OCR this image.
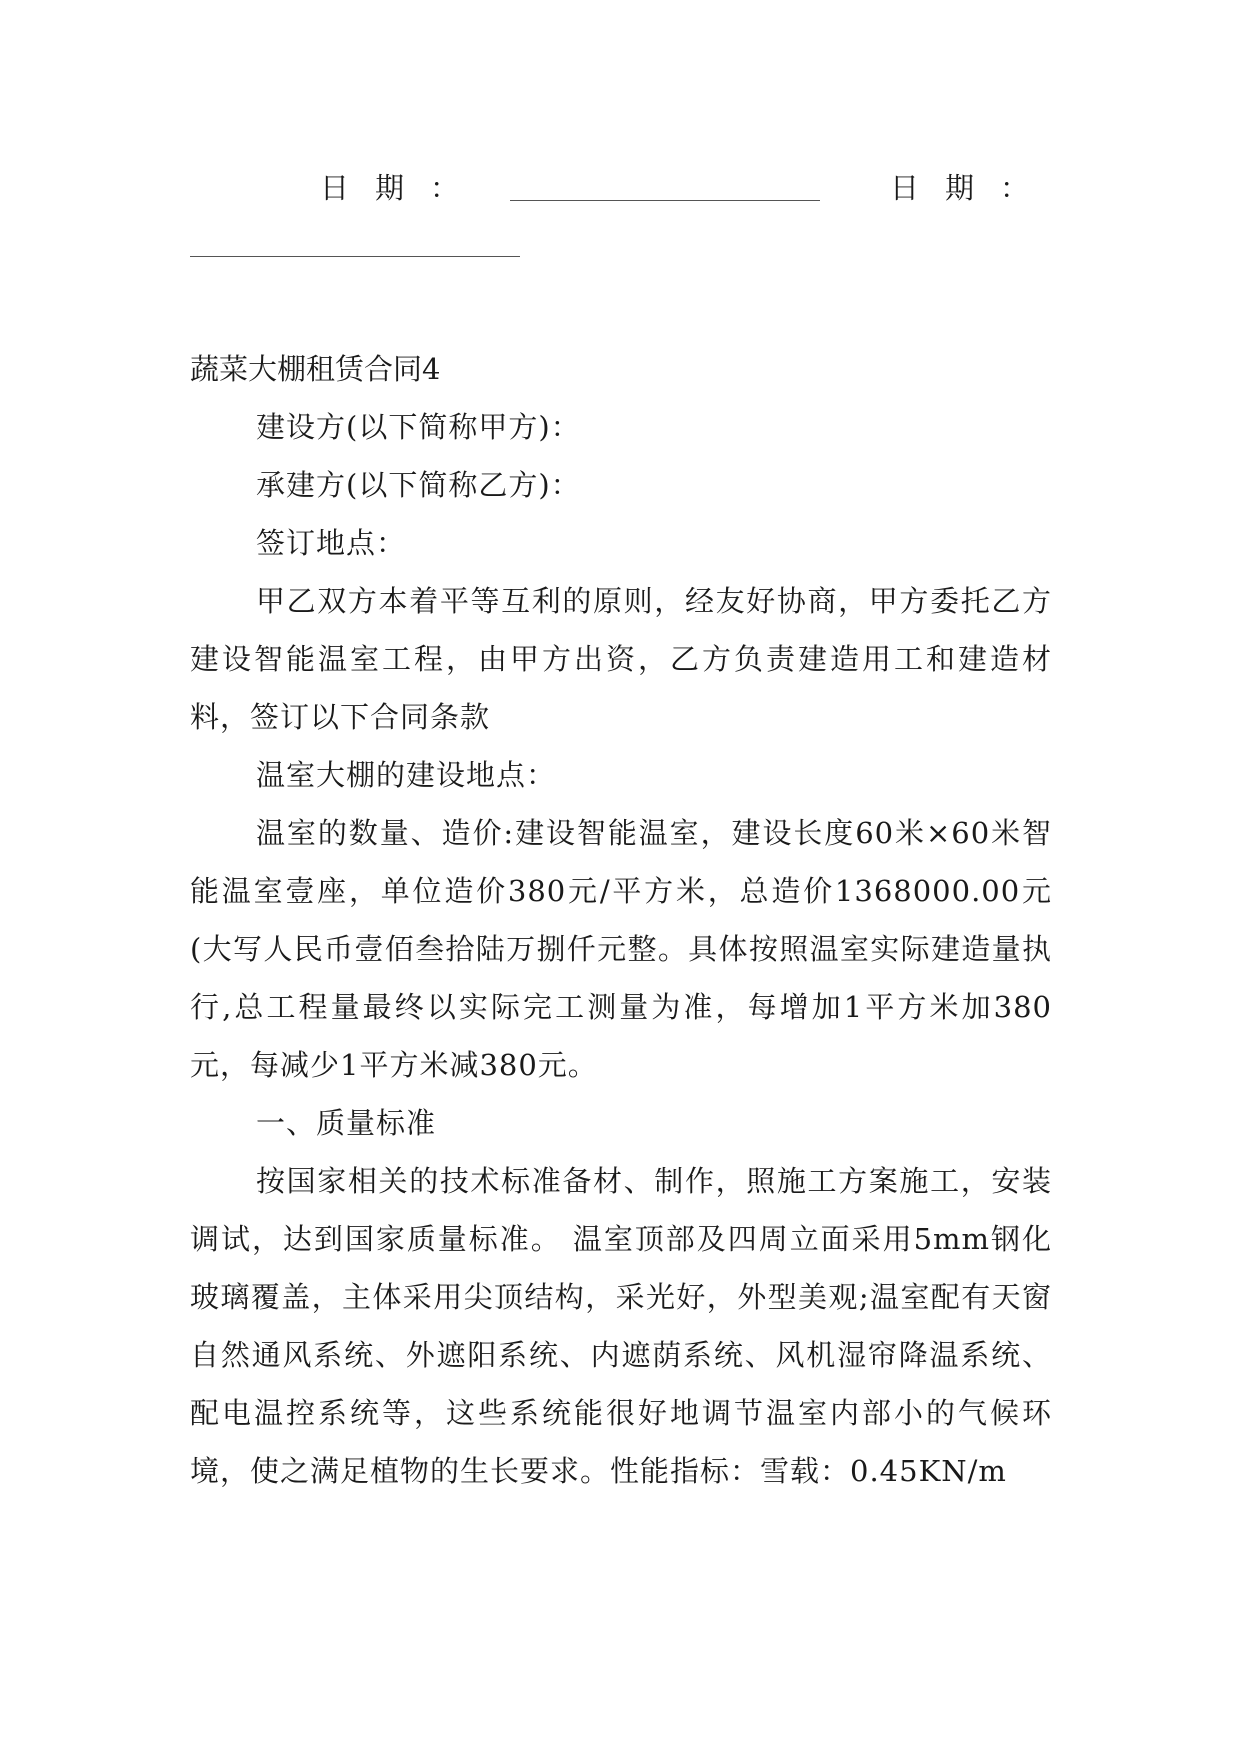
日期：	日期：
蔬菜大棚租赁合同4

建设方(以下简称甲方)：

承建方(以下简称乙方)：

签订地点：

甲乙双方本着平等互利的原则，经友好协商，甲方委托乙方建设智能温室工程，由甲方出资，乙方负责建造用工和建造材料，签订以下合同条款

温室大棚的建设地点：

温室的数量、造价:建设智能温室，建设长度60米×60米智能温室壹座，单位造价380元/平方米，总造价1368000.00元(大写人民币壹佰叁拾陆万捌仟元整。具体按照温室实际建造量执行,总工程量最终以实际完工测量为准，每增加1平方米加380元，每减少1平方米减380元。

一、质量标准

按国家相关的技术标准备材、制作，照施工方案施工，安装调试，达到国家质量标准。 温室顶部及四周立面采用5mm钢化玻璃覆盖，主体采用尖顶结构，采光好，外型美观;温室配有天窗自然通风系统、外遮阳系统、内遮荫系统、风机湿帘降温系统、配电温控系统等，这些系统能很好地调节温室内部小的气候环境，使之满足植物的生长要求。性能指标：雪载：0.45KN/m
